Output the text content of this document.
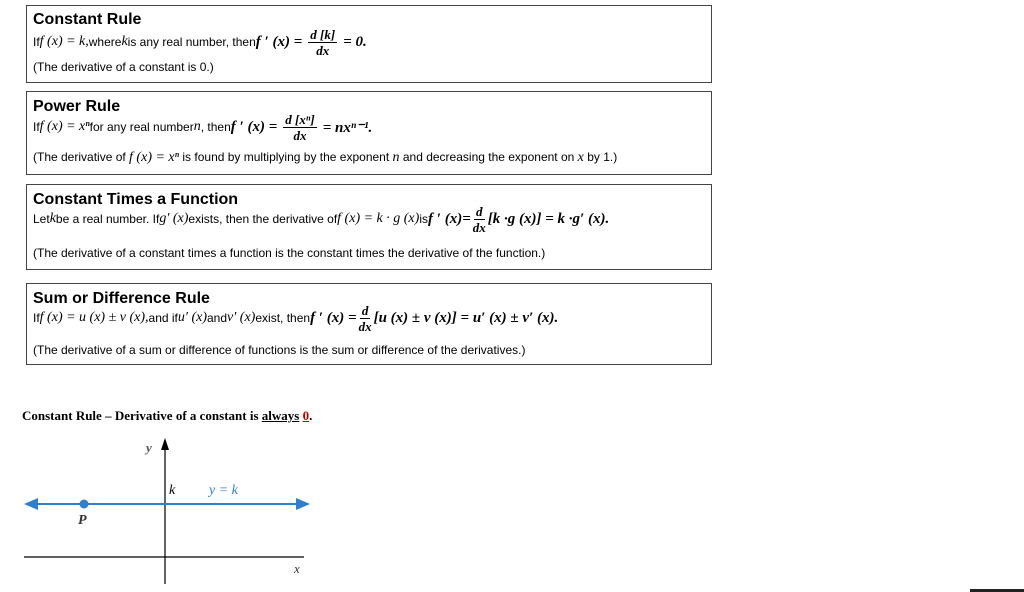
Constant Rule
If f (x) = k, where k is any real number, then f ′ $(x) = \frac{d [k]}{dx} = 0$.
(The derivative of a constant is 0.)
Power Rule
If f (x) = xⁿ for any real number n , then f ′ $(x) = \frac{\text{d [xⁿ]}}{dx} = nx^{n-1}$.
(The derivative of f (x) = xⁿ is found by multiplying by the exponent n and decreasing the exponent on x by 1.)
Constant Times a Function
Let k be a real number. If g′ (x) exists, then the derivative of f (x) = k · g (x) is f ′ $(x)= \frac{d}{dx} [k \cdot g$ (x)] = k ·g′ (x).
(The derivative of a constant times a function is the constant times the derivative of the function.)
Sum or Difference Rule
If f (x) = u (x) ± v (x), and if u′ (x) and v′ (x) exist, then f ′ $(x) = \frac{d}{dx} [u$ (x) ± v (x)] = u′ (x) ± v′ (x).
(The derivative of a sum or difference of functions is the sum or difference of the derivatives.)
Constant Rule – Derivative of a constant is always 0.
y
x
k y = k
P
